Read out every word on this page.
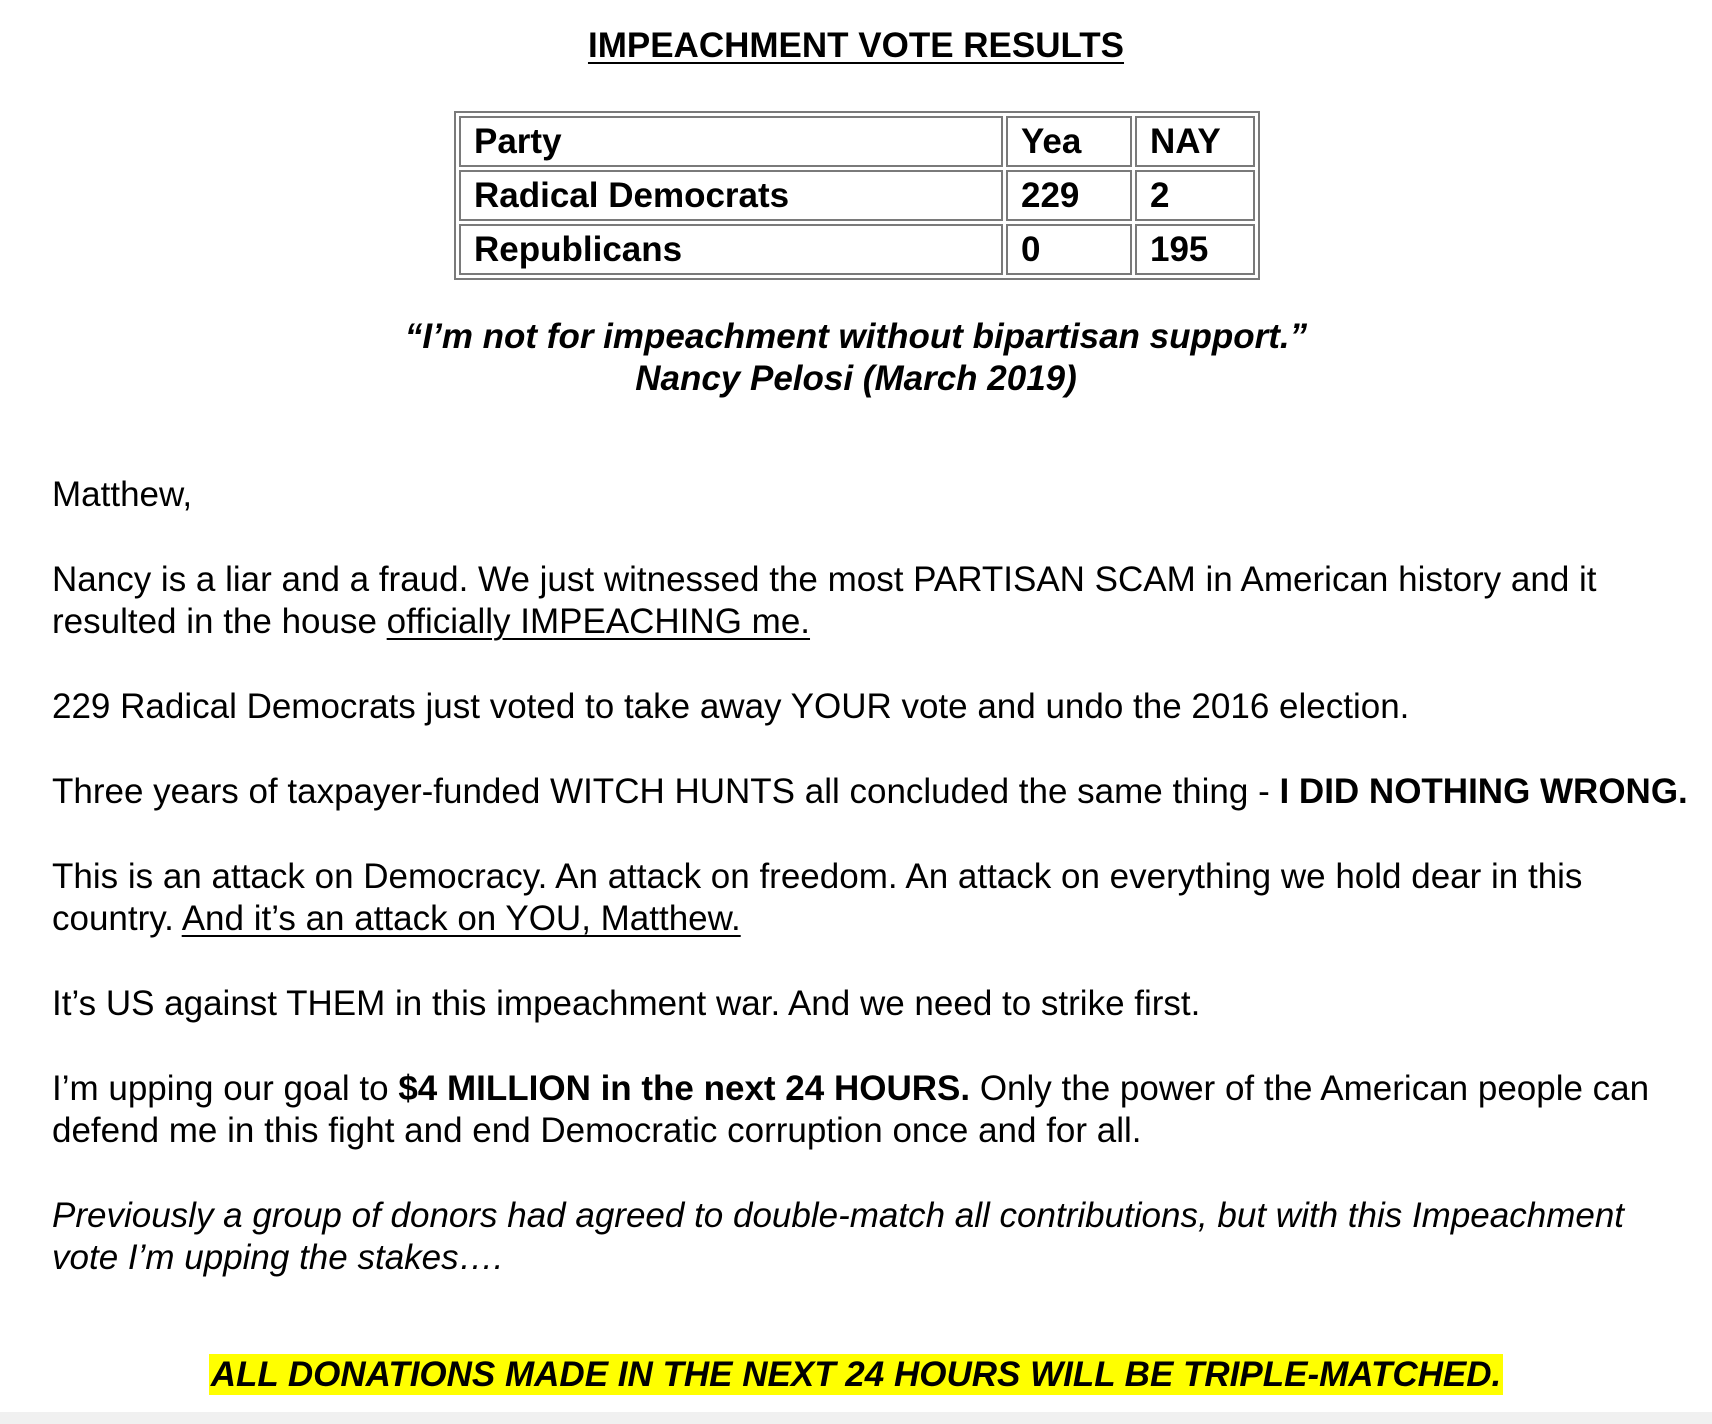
IMPEACHMENT VOTE RESULTS
Party	Yea	NAY
Radical Democrats	229	2
Republicans	0	195
“I’m not for impeachment without bipartisan support.”
Nancy Pelosi (March 2019)

Matthew,

Nancy is a liar and a fraud. We just witnessed the most PARTISAN SCAM in American history and it resulted in the house officially IMPEACHING me.

229 Radical Democrats just voted to take away YOUR vote and undo the 2016 election.

Three years of taxpayer-funded WITCH HUNTS all concluded the same thing - I DID NOTHING WRONG.

This is an attack on Democracy. An attack on freedom. An attack on everything we hold dear in this country. And it’s an attack on YOU, Matthew.

It’s US against THEM in this impeachment war. And we need to strike first.

I’m upping our goal to $4 MILLION in the next 24 HOURS. Only the power of the American people can defend me in this fight and end Democratic corruption once and for all.

Previously a group of donors had agreed to double-match all contributions, but with this Impeachment vote I’m upping the stakes….

ALL DONATIONS MADE IN THE NEXT 24 HOURS WILL BE TRIPLE-MATCHED.
